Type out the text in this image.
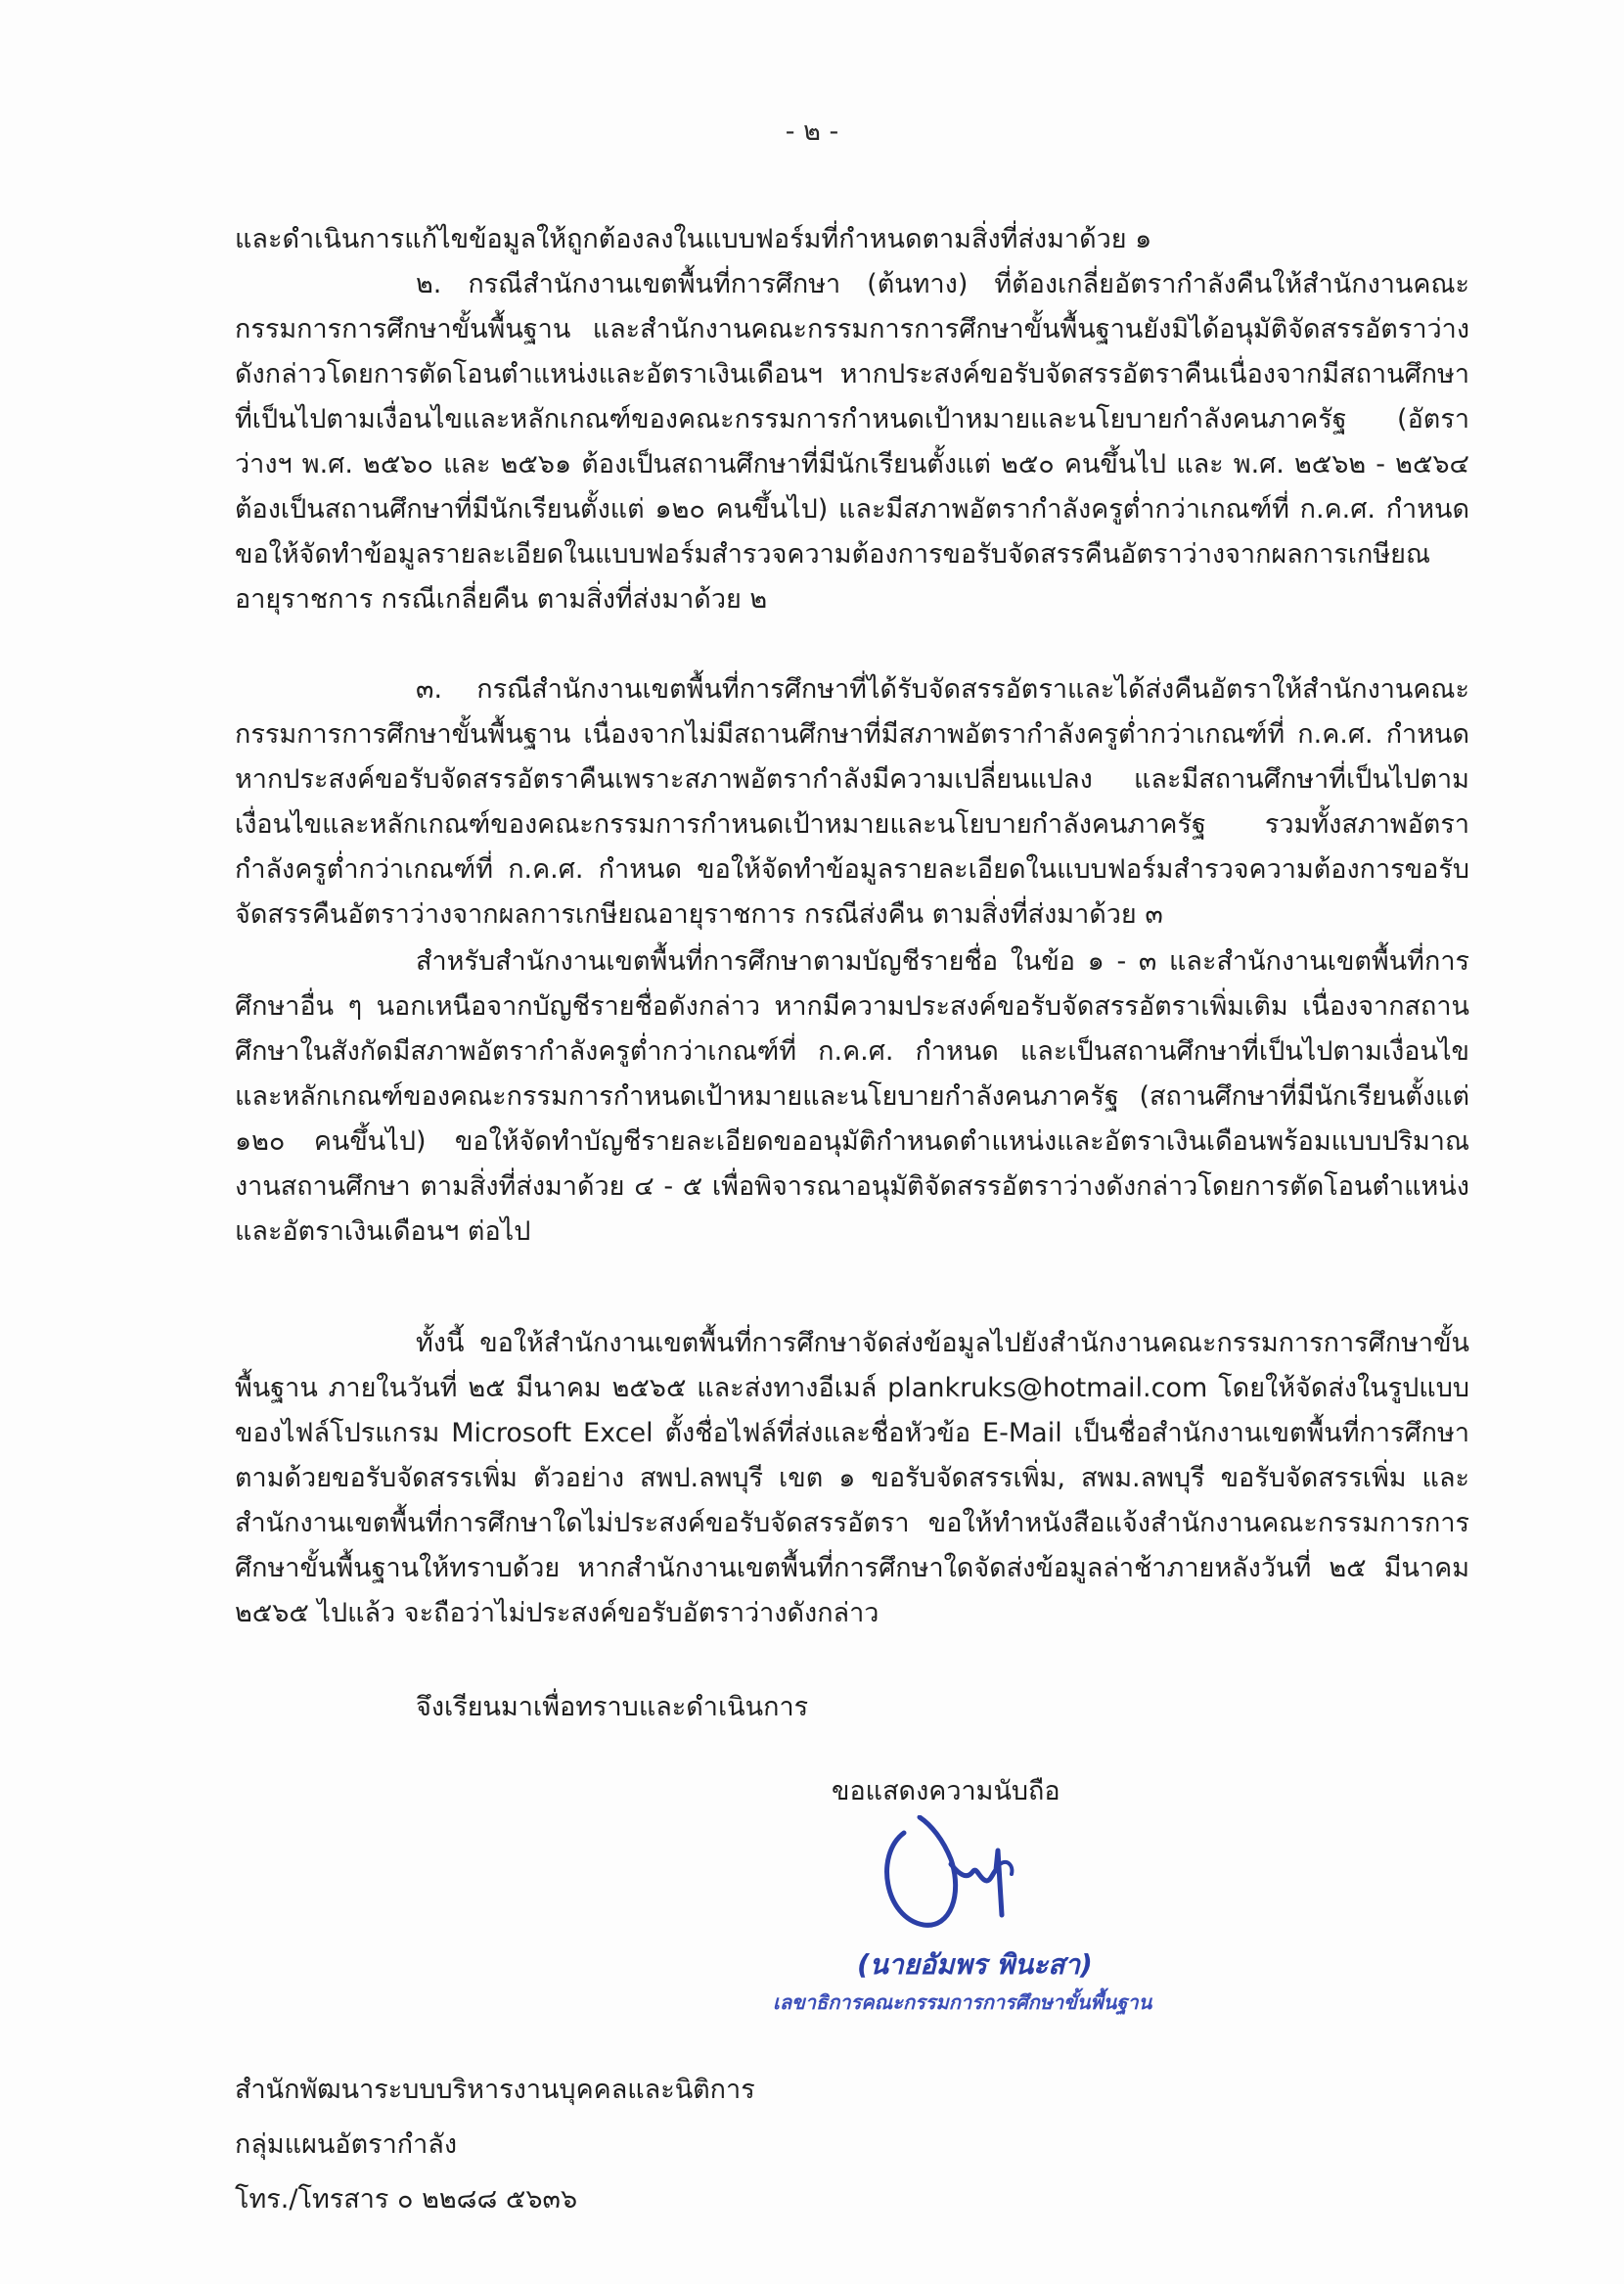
- ๒ -

และดำเนินการแก้ไขข้อมูลให้ถูกต้องลงในแบบฟอร์มที่กำหนดตามสิ่งที่ส่งมาด้วย ๑

๒. กรณีสำนักงานเขตพื้นที่การศึกษา (ต้นทาง) ที่ต้องเกลี่ยอัตรากำลังคืนให้สำนักงานคณะกรรมการการศึกษาขั้นพื้นฐาน และสำนักงานคณะกรรมการการศึกษาขั้นพื้นฐานยังมิได้อนุมัติจัดสรรอัตราว่างดังกล่าวโดยการตัดโอนตำแหน่งและอัตราเงินเดือนฯ หากประสงค์ขอรับจัดสรรอัตราคืนเนื่องจากมีสถานศึกษาที่เป็นไปตามเงื่อนไขและหลักเกณฑ์ของคณะกรรมการกำหนดเป้าหมายและนโยบายกำลังคนภาครัฐ (อัตราว่างฯ พ.ศ. ๒๕๖๐ และ ๒๕๖๑ ต้องเป็นสถานศึกษาที่มีนักเรียนตั้งแต่ ๒๕๐ คนขึ้นไป และ พ.ศ. ๒๕๖๒ - ๒๕๖๔ ต้องเป็นสถานศึกษาที่มีนักเรียนตั้งแต่ ๑๒๐ คนขึ้นไป) และมีสภาพอัตรากำลังครูต่ำกว่าเกณฑ์ที่ ก.ค.ศ. กำหนด ขอให้จัดทำข้อมูลรายละเอียดในแบบฟอร์มสำรวจความต้องการขอรับจัดสรรคืนอัตราว่างจากผลการเกษียณอายุราชการ กรณีเกลี่ยคืน ตามสิ่งที่ส่งมาด้วย ๒

๓. กรณีสำนักงานเขตพื้นที่การศึกษาที่ได้รับจัดสรรอัตราและได้ส่งคืนอัตราให้สำนักงานคณะกรรมการการศึกษาขั้นพื้นฐาน เนื่องจากไม่มีสถานศึกษาที่มีสภาพอัตรากำลังครูต่ำกว่าเกณฑ์ที่ ก.ค.ศ. กำหนด หากประสงค์ขอรับจัดสรรอัตราคืนเพราะสภาพอัตรากำลังมีความเปลี่ยนแปลง และมีสถานศึกษาที่เป็นไปตามเงื่อนไขและหลักเกณฑ์ของคณะกรรมการกำหนดเป้าหมายและนโยบายกำลังคนภาครัฐ รวมทั้งสภาพอัตรากำลังครูต่ำกว่าเกณฑ์ที่ ก.ค.ศ. กำหนด ขอให้จัดทำข้อมูลรายละเอียดในแบบฟอร์มสำรวจความต้องการขอรับจัดสรรคืนอัตราว่างจากผลการเกษียณอายุราชการ กรณีส่งคืน ตามสิ่งที่ส่งมาด้วย ๓

สำหรับสำนักงานเขตพื้นที่การศึกษาตามบัญชีรายชื่อ ในข้อ ๑ - ๓ และสำนักงานเขตพื้นที่การศึกษาอื่น ๆ นอกเหนือจากบัญชีรายชื่อดังกล่าว หากมีความประสงค์ขอรับจัดสรรอัตราเพิ่มเติม เนื่องจากสถานศึกษาในสังกัดมีสภาพอัตรากำลังครูต่ำกว่าเกณฑ์ที่ ก.ค.ศ. กำหนด และเป็นสถานศึกษาที่เป็นไปตามเงื่อนไขและหลักเกณฑ์ของคณะกรรมการกำหนดเป้าหมายและนโยบายกำลังคนภาครัฐ (สถานศึกษาที่มีนักเรียนตั้งแต่ ๑๒๐ คนขึ้นไป) ขอให้จัดทำบัญชีรายละเอียดขออนุมัติกำหนดตำแหน่งและอัตราเงินเดือนพร้อมแบบปริมาณงานสถานศึกษา ตามสิ่งที่ส่งมาด้วย ๔ - ๕ เพื่อพิจารณาอนุมัติจัดสรรอัตราว่างดังกล่าวโดยการตัดโอนตำแหน่งและอัตราเงินเดือนฯ ต่อไป

ทั้งนี้ ขอให้สำนักงานเขตพื้นที่การศึกษาจัดส่งข้อมูลไปยังสำนักงานคณะกรรมการการศึกษาขั้นพื้นฐาน ภายในวันที่ ๒๕ มีนาคม ๒๕๖๕ และส่งทางอีเมล์ plankruks@hotmail.com โดยให้จัดส่งในรูปแบบของไฟล์โปรแกรม Microsoft Excel ตั้งชื่อไฟล์ที่ส่งและชื่อหัวข้อ E-Mail เป็นชื่อสำนักงานเขตพื้นที่การศึกษา ตามด้วยขอรับจัดสรรเพิ่ม ตัวอย่าง สพป.ลพบุรี เขต ๑ ขอรับจัดสรรเพิ่ม, สพม.ลพบุรี ขอรับจัดสรรเพิ่ม และสำนักงานเขตพื้นที่การศึกษาใดไม่ประสงค์ขอรับจัดสรรอัตรา ขอให้ทำหนังสือแจ้งสำนักงานคณะกรรมการการศึกษาขั้นพื้นฐานให้ทราบด้วย หากสำนักงานเขตพื้นที่การศึกษาใดจัดส่งข้อมูลล่าช้าภายหลังวันที่ ๒๕ มีนาคม ๒๕๖๕ ไปแล้ว จะถือว่าไม่ประสงค์ขอรับอัตราว่างดังกล่าว

จึงเรียนมาเพื่อทราบและดำเนินการ
ขอแสดงความนับถือ
(นายอัมพร พินะสา)
เลขาธิการคณะกรรมการการศึกษาขั้นพื้นฐาน
สำนักพัฒนาระบบบริหารงานบุคคลและนิติการ
กลุ่มแผนอัตรากำลัง
โทร./โทรสาร ๐ ๒๒๘๘ ๕๖๓๖
